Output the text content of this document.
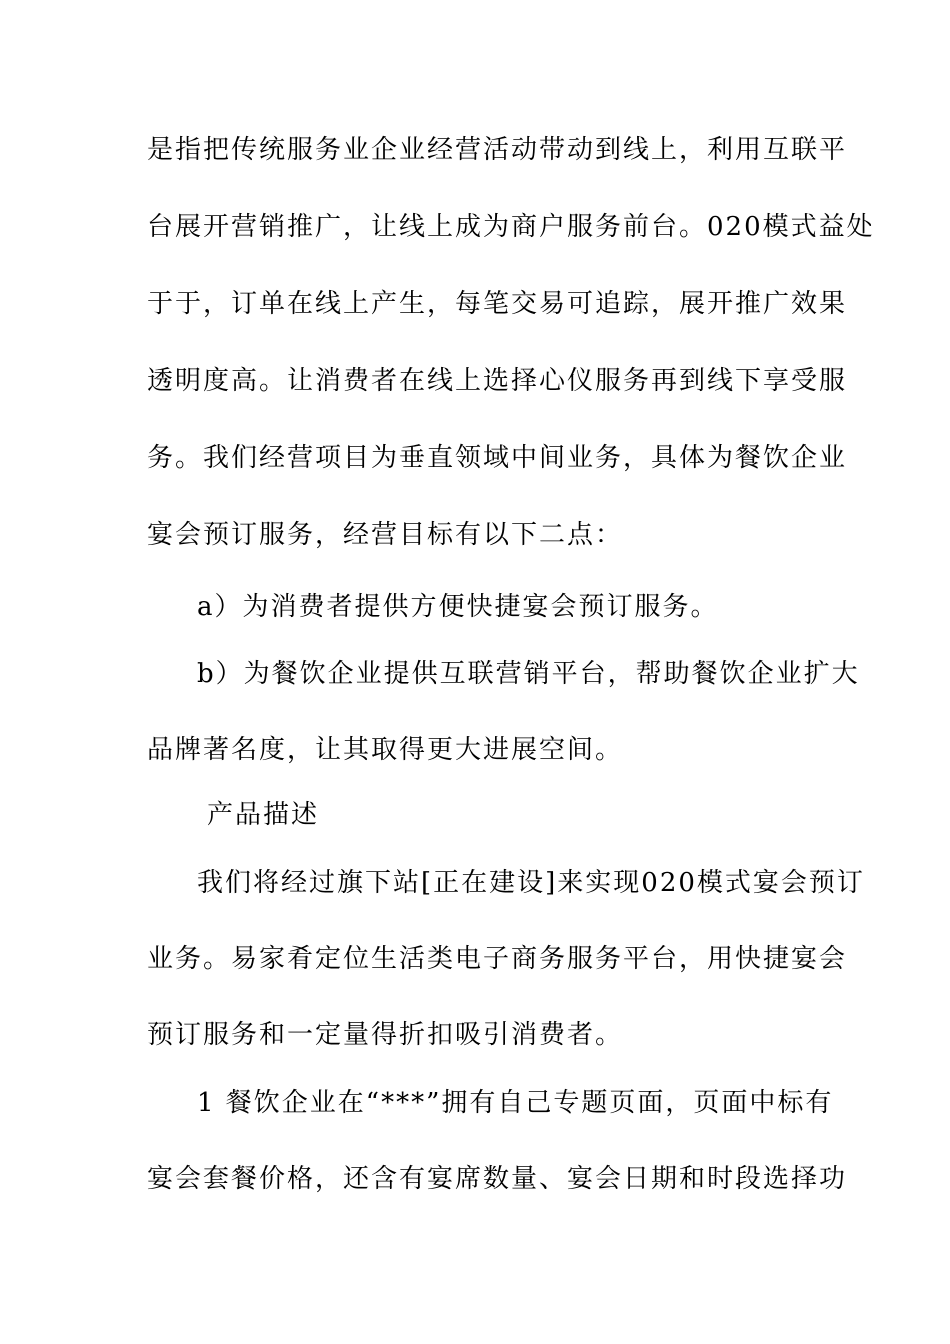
是指把传统服务业企业经营活动带动到线上，利用互联平
台展开营销推广，让线上成为商户服务前台。020模式益处
于于，订单在线上产生，每笔交易可追踪，展开推广效果
透明度高。让消费者在线上选择心仪服务再到线下享受服
务。我们经营项目为垂直领域中间业务，具体为餐饮企业
宴会预订服务，经营目标有以下二点：
a）为消费者提供方便快捷宴会预订服务。
b）为餐饮企业提供互联营销平台，帮助餐饮企业扩大
品牌著名度，让其取得更大进展空间。
产品描述
我们将经过旗下站[正在建设]来实现020模式宴会预订
业务。易家肴定位生活类电子商务服务平台，用快捷宴会
预订服务和一定量得折扣吸引消费者。
1 餐饮企业在“***”拥有自己专题页面，页面中标有
宴会套餐价格，还含有宴席数量、宴会日期和时段选择功
